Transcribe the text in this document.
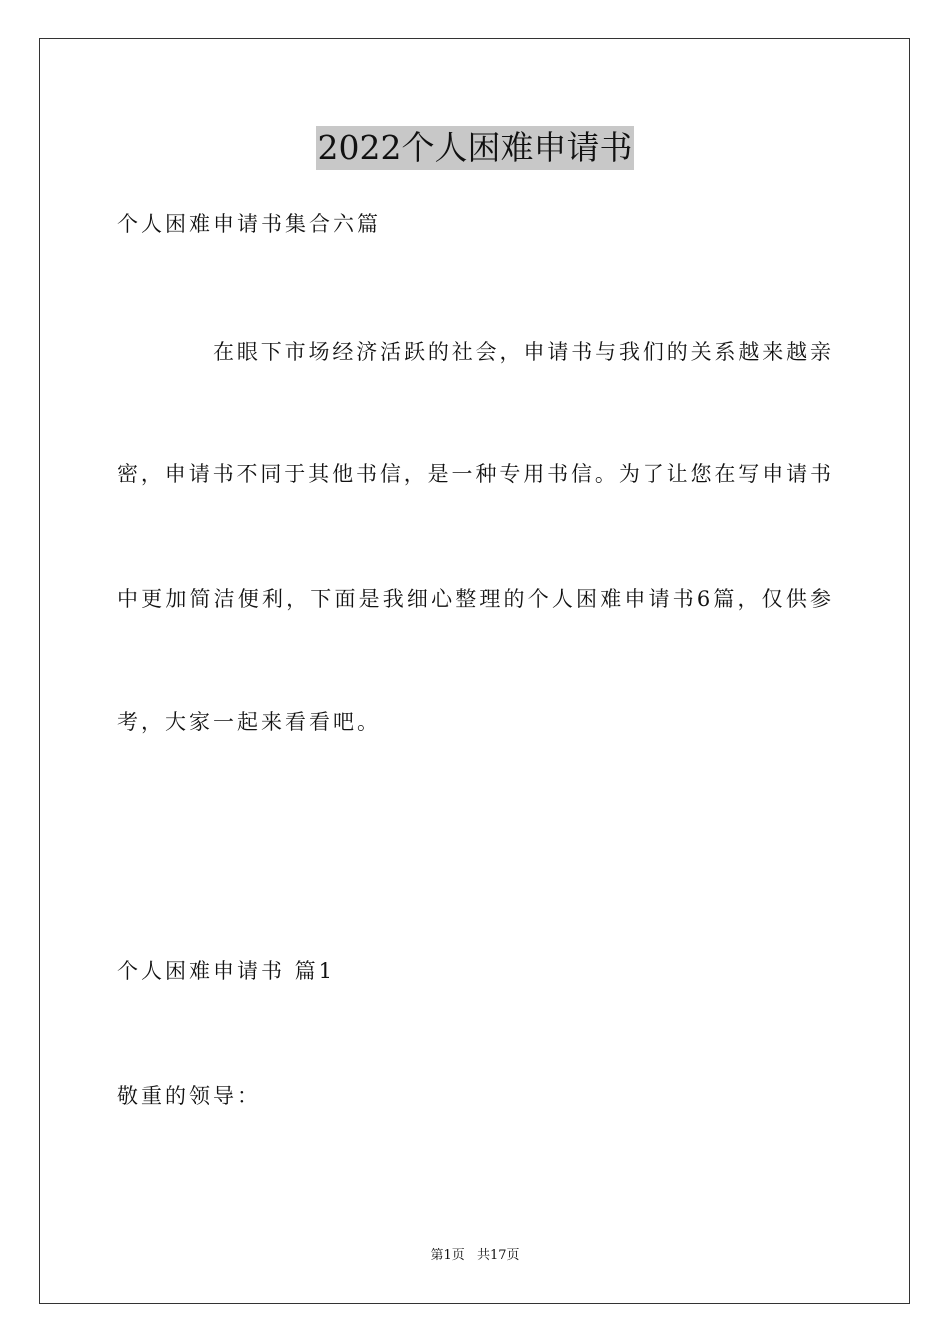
2022个人困难申请书
个人困难申请书集合六篇
在眼下市场经济活跃的社会，申请书与我们的关系越来越亲
密，申请书不同于其他书信，是一种专用书信。为了让您在写申请书
中更加简洁便利，下面是我细心整理的个人困难申请书6篇，仅供参
考，大家一起来看看吧。
个人困难申请书 篇1
敬重的领导：
第1页 共17页
